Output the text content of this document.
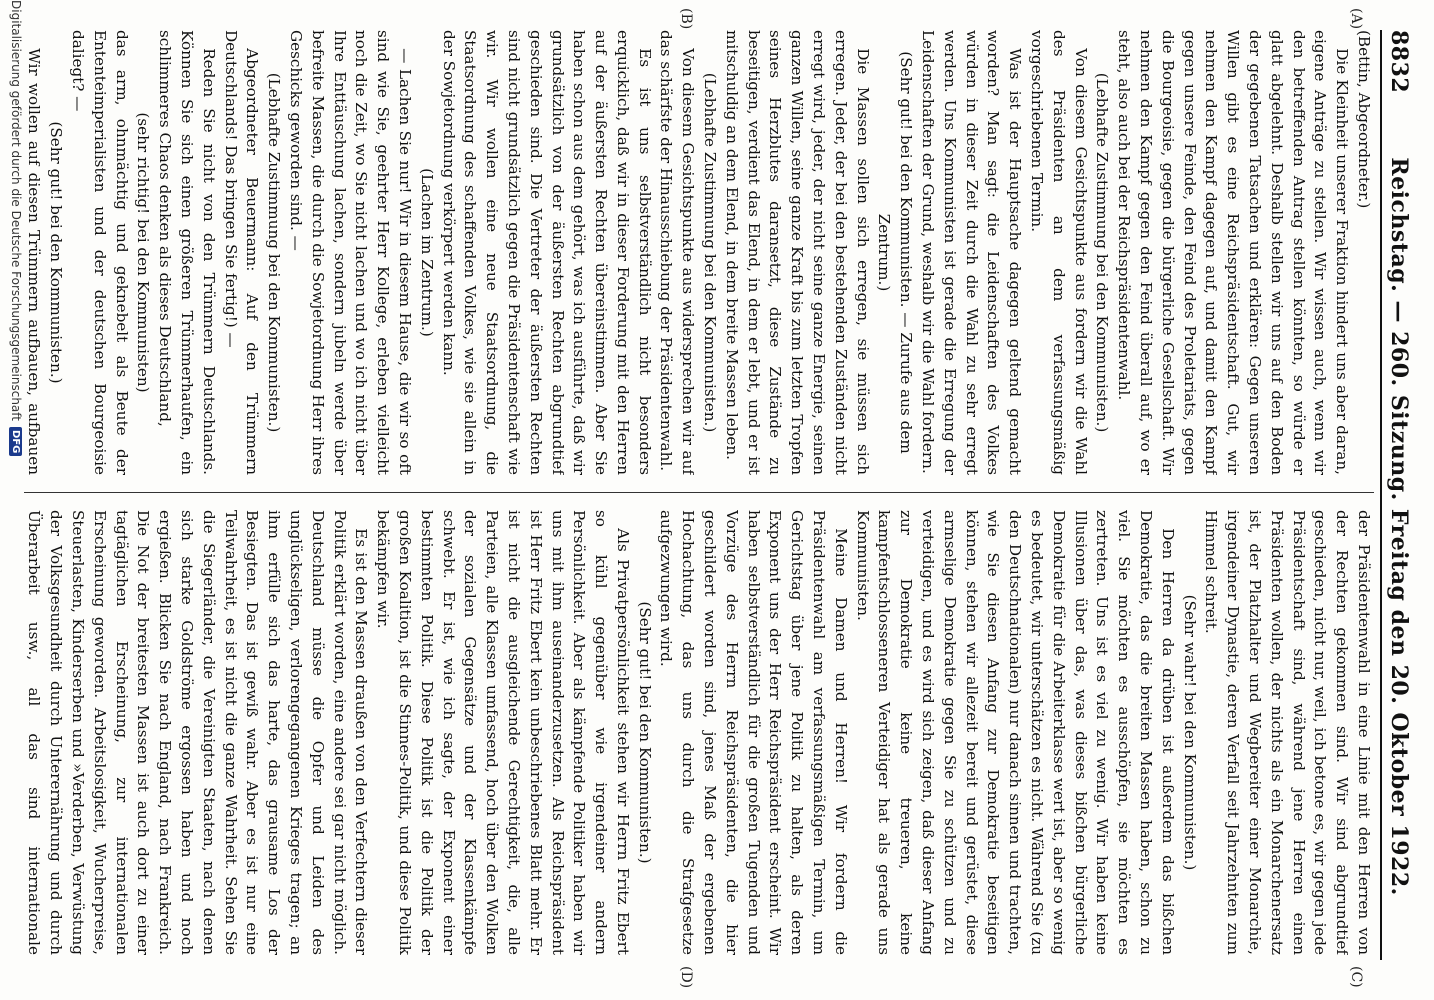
8832
Reichstag. — 260. Sitzung. Freitag den 20. Oktober 1922.
(A)
(B)
(C)
(D)

(Bettin, Abgeordneter.)

Die Kleinheit unserer Fraktion hindert uns aber daran, eigene Anträge zu stellen. Wir wissen auch, wenn wir den betreffenden Antrag stellen könnten, so würde er glatt abgelehnt. Deshalb stellen wir uns auf den Boden der gegebenen Tatsachen und erklären: Gegen unseren Willen gibt es eine Reichspräsidentschaft. Gut, wir nehmen den Kampf dagegen auf, und damit den Kampf gegen unsere Feinde, den Feind des Proletariats, gegen die Bourgeoisie, gegen die bürgerliche Gesellschaft. Wir nehmen den Kampf gegen den Feind überall auf, wo er steht, also auch bei der Reichspräsidentenwahl.

(Lebhafte Zustimmung bei den Kommunisten.)

Von diesem Gesichtspunkte aus fordern wir die Wahl des Präsidenten an dem verfassungsmäßig vorgeschriebenen Termin.

Was ist der Hauptsache dagegen geltend gemacht worden? Man sagt: die Leidenschaften des Volkes würden in dieser Zeit durch die Wahl zu sehr erregt werden. Uns Kommunisten ist gerade die Erregung der Leidenschaften der Grund, weshalb wir die Wahl fordern.

(Sehr gut! bei den Kommunisten. — Zurufe aus dem Zentrum.)

Die Massen sollen sich erregen, sie müssen sich erregen. Jeder, der bei den bestehenden Zuständen nicht erregt wird, jeder, der nicht seine ganze Energie, seinen ganzen Willen, seine ganze Kraft bis zum letzten Tropfen seines Herzblutes daransetzt, diese Zustände zu beseitigen, verdient das Elend, in dem er lebt, und er ist mitschuldig an dem Elend, in dem breite Massen leben.

(Lebhafte Zustimmung bei den Kommunisten.)

Von diesem Gesichtspunkte aus widersprechen wir auf das schärfste der Hinausschiebung der Präsidentenwahl.

Es ist uns selbstverständlich nicht besonders erquicklich, daß wir in dieser Forderung mit den Herren auf der äußersten Rechten übereinstimmen. Aber Sie haben schon aus dem gehört, was ich ausführte, daß wir grundsätzlich von der äußersten Rechten abgrundtief geschieden sind. Die Vertreter der äußersten Rechten sind nicht grundsätzlich gegen die Präsidentenschaft wie wir. Wir wollen eine neue Staatsordnung, die Staatsordnung des schaffenden Volkes, wie sie allein in der Sowjetordnung verkörpert werden kann.

(Lachen im Zentrum.)

— Lachen Sie nur! Wir in diesem Hause, die wir so oft sind wie Sie, geehrter Herr Kollege, erleben vielleicht noch die Zeit, wo Sie nicht lachen und wo ich nicht über Ihre Enttäuschung lachen, sondern jubeln werde über befreite Massen, die durch die Sowjetordnung Herr ihres Geschicks geworden sind. —

(Lebhafte Zustimmung bei den Kommunisten.)

Abgeordneter Beuermann: Auf den Trümmern Deutschlands! Das bringen Sie fertig!) —

Reden Sie nicht von den Trümmern Deutschlands. Können Sie sich einen größeren Trümmerhaufen, ein schlimmeres Chaos denken als dieses Deutschland,

(sehr richtig! bei den Kommunisten)

das arm, ohnmächtig und geknebelt als Beute der Ententeimperialisten und der deutschen Bourgeoisie daliegt? —

(Sehr gut! bei den Kommunisten.)

Wir wollen auf diesen Trümmern aufbauen, aufbauen

der Präsidentenwahl in eine Linie mit den Herren von der Rechten gekommen sind. Wir sind abgrundtief geschieden, nicht nur, weil, ich betone es, wir gegen jede Präsidentschaft sind, während jene Herren einen Präsidenten wollen, der nichts als ein Monarchenersatz ist, der Platzhalter und Wegbereiter einer Monarchie, irgendeiner Dynastie, deren Verfall seit Jahrzehnten zum Himmel schreit.

(Sehr wahr! bei den Kommunisten.)

Den Herren da drüben ist außerdem das bißchen Demokratie, das die breiten Massen haben, schon zu viel. Sie möchten es ausschöpfen, sie möchten es zertreten. Uns ist es viel zu wenig. Wir haben keine Illusionen über das, was dieses bißchen bürgerliche Demokratie für die Arbeiterklasse wert ist, aber so wenig es bedeutet, wir unterschätzen es nicht. Während Sie (zu den Deutschnationalen) nur danach sinnen und trachten, wie Sie diesen Anfang zur Demokratie beseitigen können, stehen wir allezeit bereit und gerüstet, diese armselige Demokratie gegen Sie zu schützen und zu verteidigen, und es wird sich zeigen, daß dieser Anfang zur Demokratie keine treueren, keine kampfentschlosseneren Verteidiger hat als gerade uns Kommunisten.

Meine Damen und Herren! Wir fordern die Präsidentenwahl am verfassungsmäßigen Termin, um Gerichtstag über jene Politik zu halten, als deren Exponent uns der Herr Reichspräsident erscheint. Wir haben selbstverständlich für die großen Tugenden und Vorzüge des Herrn Reichspräsidenten, die hier geschildert worden sind, jenes Maß der ergebenen Hochachtung, das uns durch die Strafgesetze aufgezwungen wird.

(Sehr gut! bei den Kommunisten.)

Als Privatpersönlichkeit stehen wir Herrn Fritz Ebert so kühl gegenüber wie irgendeiner andern Persönlichkeit. Aber als kämpfende Politiker haben wir uns mit ihm auseinanderzusetzen. Als Reichspräsident ist Herr Fritz Ebert kein unbeschriebenes Blatt mehr. Er ist nicht die ausgleichende Gerechtigkeit, die, alle Parteien, alle Klassen umfassend, hoch über den Wolken der sozialen Gegensätze und der Klassenkämpfe schwebt. Er ist, wie ich sagte, der Exponent einer bestimmten Politik. Diese Politik ist die Politik der großen Koalition, ist die Stinnes-Politik, und diese Politik bekämpfen wir.

Es ist den Massen draußen von den Verfechtern dieser Politik erklärt worden, eine andere sei gar nicht möglich. Deutschland müsse die Opfer und Leiden des unglückseligen, verlorengegangenen Krieges tragen; an ihm erfülle sich das harte, das grausame Los der Besiegten. Das ist gewiß wahr. Aber es ist nur eine Teilwahrheit, es ist nicht die ganze Wahrheit. Sehen Sie die Siegerländer, die Vereinigten Staaten, nach denen sich starke Goldströme ergossen haben und noch ergießen. Blicken Sie nach England, nach Frankreich. Die Not der breitesten Massen ist auch dort zu einer tagtäglichen Erscheinung, zur internationalen Erscheinung geworden. Arbeitslosigkeit, Wucherpreise, Steuerlasten, Kinderserben und »Verderben, Verwüstung der Volksgesundheit durch Unterernährung und durch Überarbeit usw., all das sind internationale

Digitalisierung gefördert durch die Deutsche Forschungsgemeinschaft
DFG
